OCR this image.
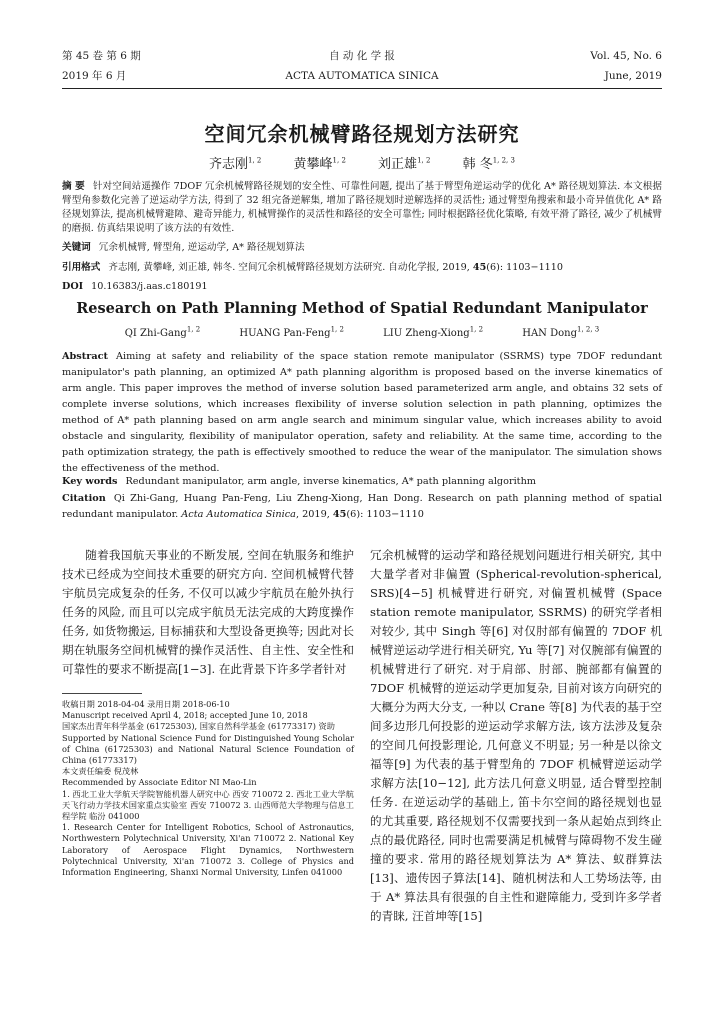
第 45 卷 第 6 期	自 动 化 学 报	Vol. 45, No. 6
2019 年 6 月	ACTA AUTOMATICA SINICA	June, 2019
空间冗余机械臂路径规划方法研究
齐志刚$^{1, 2}$ 黄攀峰$^{1, 2}$ 刘正雄$^{1, 2}$ 韩 冬$^{1, 2, 3}$
摘 要 针对空间站遥操作 7DOF 冗余机械臂路径规划的安全性、可靠性问题, 提出了基于臂型角逆运动学的优化 A* 路径规划算法. 本文根据臂型角参数化完善了逆运动学方法, 得到了 32 组完备逆解集, 增加了路径规划时逆解选择的灵活性; 通过臂型角搜索和最小奇异值优化 A* 路径规划算法, 提高机械臂避障、避奇异能力, 机械臂操作的灵活性和路径的安全可靠性; 同时根据路径优化策略, 有效平滑了路径, 减少了机械臂的磨损. 仿真结果说明了该方法的有效性.
关键词 冗余机械臂, 臂型角, 逆运动学, A* 路径规划算法
引用格式 齐志刚, 黄攀峰, 刘正雄, 韩冬. 空间冗余机械臂路径规划方法研究. 自动化学报, 2019, 45(6): 1103−1110
DOI 10.16383/j.aas.c180191
Research on Path Planning Method of Spatial Redundant Manipulator
QI Zhi-Gang$^{1, 2}$	HUANG Pan-Feng$^{1, 2}$	LIU Zheng-Xiong$^{1, 2}$	HAN Dong$^{1, 2, 3}$
Abstract Aiming at safety and reliability of the space station remote manipulator (SSRMS) type 7DOF redundant manipulator's path planning, an optimized A* path planning algorithm is proposed based on the inverse kinematics of arm angle. This paper improves the method of inverse solution based parameterized arm angle, and obtains 32 sets of complete inverse solutions, which increases flexibility of inverse solution selection in path planning, optimizes the method of A* path planning based on arm angle search and minimum singular value, which increases ability to avoid obstacle and singularity, flexibility of manipulator operation, safety and reliability. At the same time, according to the path optimization strategy, the path is effectively smoothed to reduce the wear of the manipulator. The simulation shows the effectiveness of the method.
Key words Redundant manipulator, arm angle, inverse kinematics, A* path planning algorithm
Citation Qi Zhi-Gang, Huang Pan-Feng, Liu Zheng-Xiong, Han Dong. Research on path planning method of spatial redundant manipulator. Acta Automatica Sinica, 2019, 45(6): 1103−1110

随着我国航天事业的不断发展, 空间在轨服务和维护技术已经成为空间技术重要的研究方向. 空间机械臂代替宇航员完成复杂的任务, 不仅可以减少宇航员在舱外执行任务的风险, 而且可以完成宇航员无法完成的大跨度操作任务, 如货物搬运, 目标捕获和大型设备更换等; 因此对长期在轨服务空间机械臂的操作灵活性、自主性、安全性和可靠性的要求不断提高[1−3]. 在此背景下许多学者针对

收稿日期 2018-04-04 录用日期 2018-06-10
Manuscript received April 4, 2018; accepted June 10, 2018
国家杰出青年科学基金 (61725303), 国家自然科学基金 (61773317) 资助
Supported by National Science Fund for Distinguished Young Scholar of China (61725303) and National Natural Science Foundation of China (61773317)
本文责任编委 倪茂林
Recommended by Associate Editor NI Mao-Lin
1. 西北工业大学航天学院智能机器人研究中心 西安 710072 2. 西北工业大学航天飞行动力学技术国家重点实验室 西安 710072 3. 山西师范大学物理与信息工程学院 临汾 041000
1. Research Center for Intelligent Robotics, School of Astronautics, Northwestern Polytechnical University, Xi'an 710072 2. National Key Laboratory of Aerospace Flight Dynamics, Northwestern Polytechnical University, Xi'an 710072 3. College of Physics and Information Engineering, Shanxi Normal University, Linfen 041000

冗余机械臂的运动学和路径规划问题进行相关研究, 其中大量学者对非偏置 (Spherical-revolution-spherical, SRS)[4−5] 机械臂进行研究, 对偏置机械臂 (Space station remote manipulator, SSRMS) 的研究学者相对较少, 其中 Singh 等[6] 对仅肘部有偏置的 7DOF 机械臂逆运动学进行相关研究, Yu 等[7] 对仅腕部有偏置的机械臂进行了研究. 对于肩部、肘部、腕部都有偏置的 7DOF 机械臂的逆运动学更加复杂, 目前对该方向研究的大概分为两大分支, 一种以 Crane 等[8] 为代表的基于空间多边形几何投影的逆运动学求解方法, 该方法涉及复杂的空间几何投影理论, 几何意义不明显; 另一种是以徐文福等[9] 为代表的基于臂型角的 7DOF 机械臂逆运动学求解方法[10−12], 此方法几何意义明显, 适合臂型控制任务. 在逆运动学的基础上, 笛卡尔空间的路径规划也显的尤其重要, 路径规划不仅需要找到一条从起始点到终止点的最优路径, 同时也需要满足机械臂与障碍物不发生碰撞的要求. 常用的路径规划算法为 A* 算法、蚁群算法[13]、遗传因子算法[14]、随机树法和人工势场法等, 由于 A* 算法具有很强的自主性和避障能力, 受到许多学者的青睐, 汪首坤等[15]
